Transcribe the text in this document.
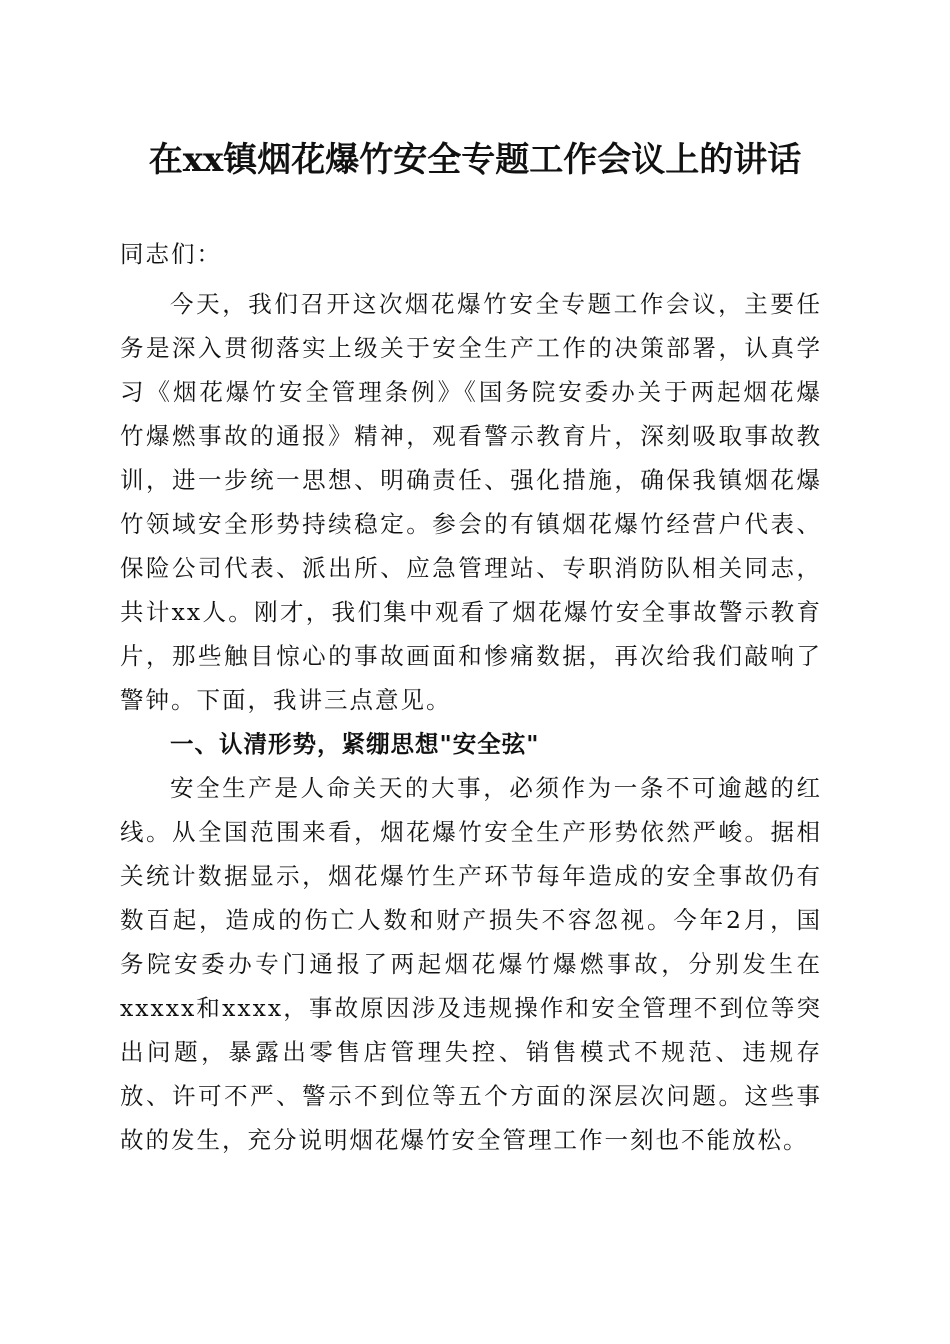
在xx镇烟花爆竹安全专题工作会议上的讲话

同志们：

今天，我们召开这次烟花爆竹安全专题工作会议，主要任务是深入贯彻落实上级关于安全生产工作的决策部署，认真学习《烟花爆竹安全管理条例》《国务院安委办关于两起烟花爆竹爆燃事故的通报》精神，观看警示教育片，深刻吸取事故教训，进一步统一思想、明确责任、强化措施，确保我镇烟花爆竹领域安全形势持续稳定。参会的有镇烟花爆竹经营户代表、保险公司代表、派出所、应急管理站、专职消防队相关同志，共计xx人。刚才，我们集中观看了烟花爆竹安全事故警示教育片，那些触目惊心的事故画面和惨痛数据，再次给我们敲响了警钟。下面，我讲三点意见。

一、认清形势，紧绷思想"安全弦"

安全生产是人命关天的大事，必须作为一条不可逾越的红线。从全国范围来看，烟花爆竹安全生产形势依然严峻。据相关统计数据显示，烟花爆竹生产环节每年造成的安全事故仍有数百起，造成的伤亡人数和财产损失不容忽视。今年2月，国务院安委办专门通报了两起烟花爆竹爆燃事故，分别发生在xxxxx和xxxx，事故原因涉及违规操作和安全管理不到位等突出问题，暴露出零售店管理失控、销售模式不规范、违规存放、许可不严、警示不到位等五个方面的深层次问题。这些事故的发生，充分说明烟花爆竹安全管理工作一刻也不能放松。
